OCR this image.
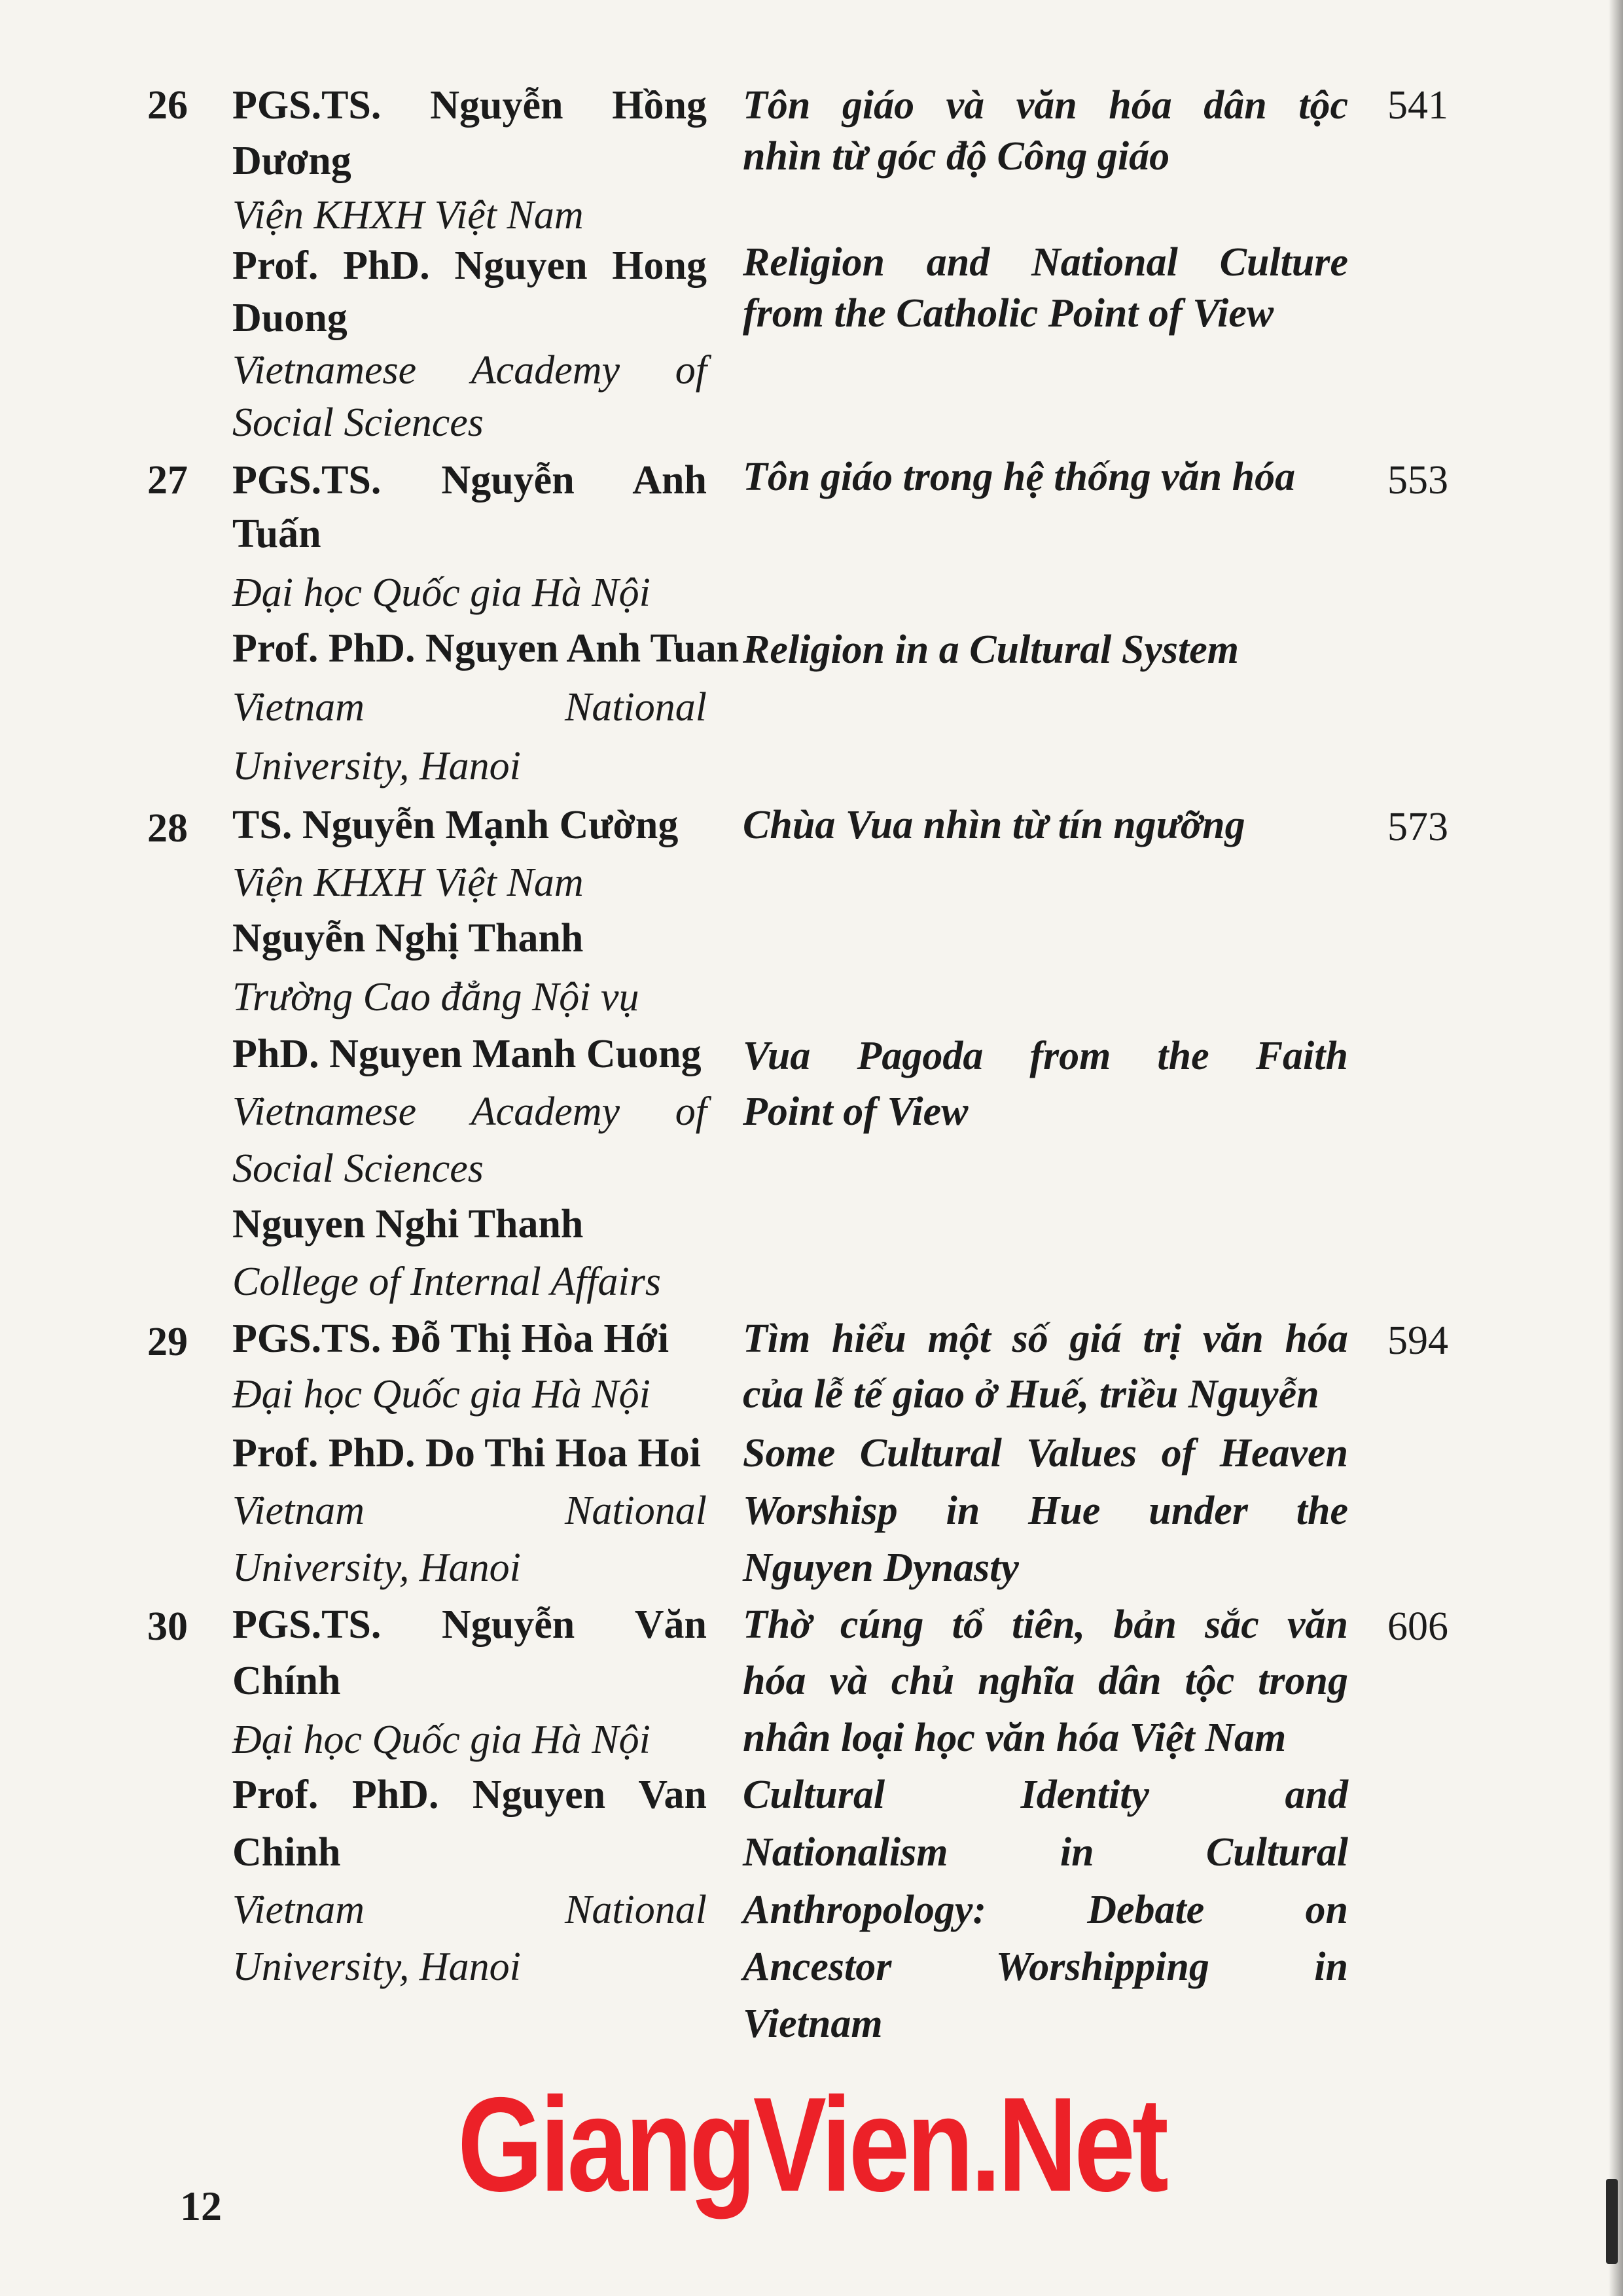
26 PGS.TS. Nguyễn Hồng
Dương
Viện KHXH Việt Nam
Prof. PhD. Nguyen Hong
Duong
Vietnamese Academy of
Social Sciences
Tôn giáo và văn hóa dân tộc
nhìn từ góc độ Công giáo
Religion and National Culture
from the Catholic Point of View
541
27 PGS.TS. Nguyễn Anh
Tuấn
Đại học Quốc gia Hà Nội
Prof. PhD. Nguyen Anh Tuan
Vietnam National
University, Hanoi
Tôn giáo trong hệ thống văn hóa
Religion in a Cultural System
553
28 TS. Nguyễn Mạnh Cường
Viện KHXH Việt Nam
Nguyễn Nghị Thanh
Trường Cao đẳng Nội vụ
PhD. Nguyen Manh Cuong
Vietnamese Academy of
Social Sciences
Nguyen Nghi Thanh
College of Internal Affairs
Chùa Vua nhìn từ tín ngưỡng
Vua Pagoda from the Faith
Point of View
573
29 PGS.TS. Đỗ Thị Hòa Hới
Đại học Quốc gia Hà Nội
Prof. PhD. Do Thi Hoa Hoi
Vietnam National
University, Hanoi
Tìm hiểu một số giá trị văn hóa
của lễ tế giao ở Huế, triều Nguyễn
Some Cultural Values of Heaven
Worshisp in Hue under the
Nguyen Dynasty
594
30 PGS.TS. Nguyễn Văn
Chính
Đại học Quốc gia Hà Nội
Prof. PhD. Nguyen Van
Chinh
Vietnam National
University, Hanoi
Thờ cúng tổ tiên, bản sắc văn
hóa và chủ nghĩa dân tộc trong
nhân loại học văn hóa Việt Nam
Cultural Identity and
Nationalism in Cultural
Anthropology: Debate on
Ancestor Worshipping in
Vietnam
606
GiangVien.Net
12
